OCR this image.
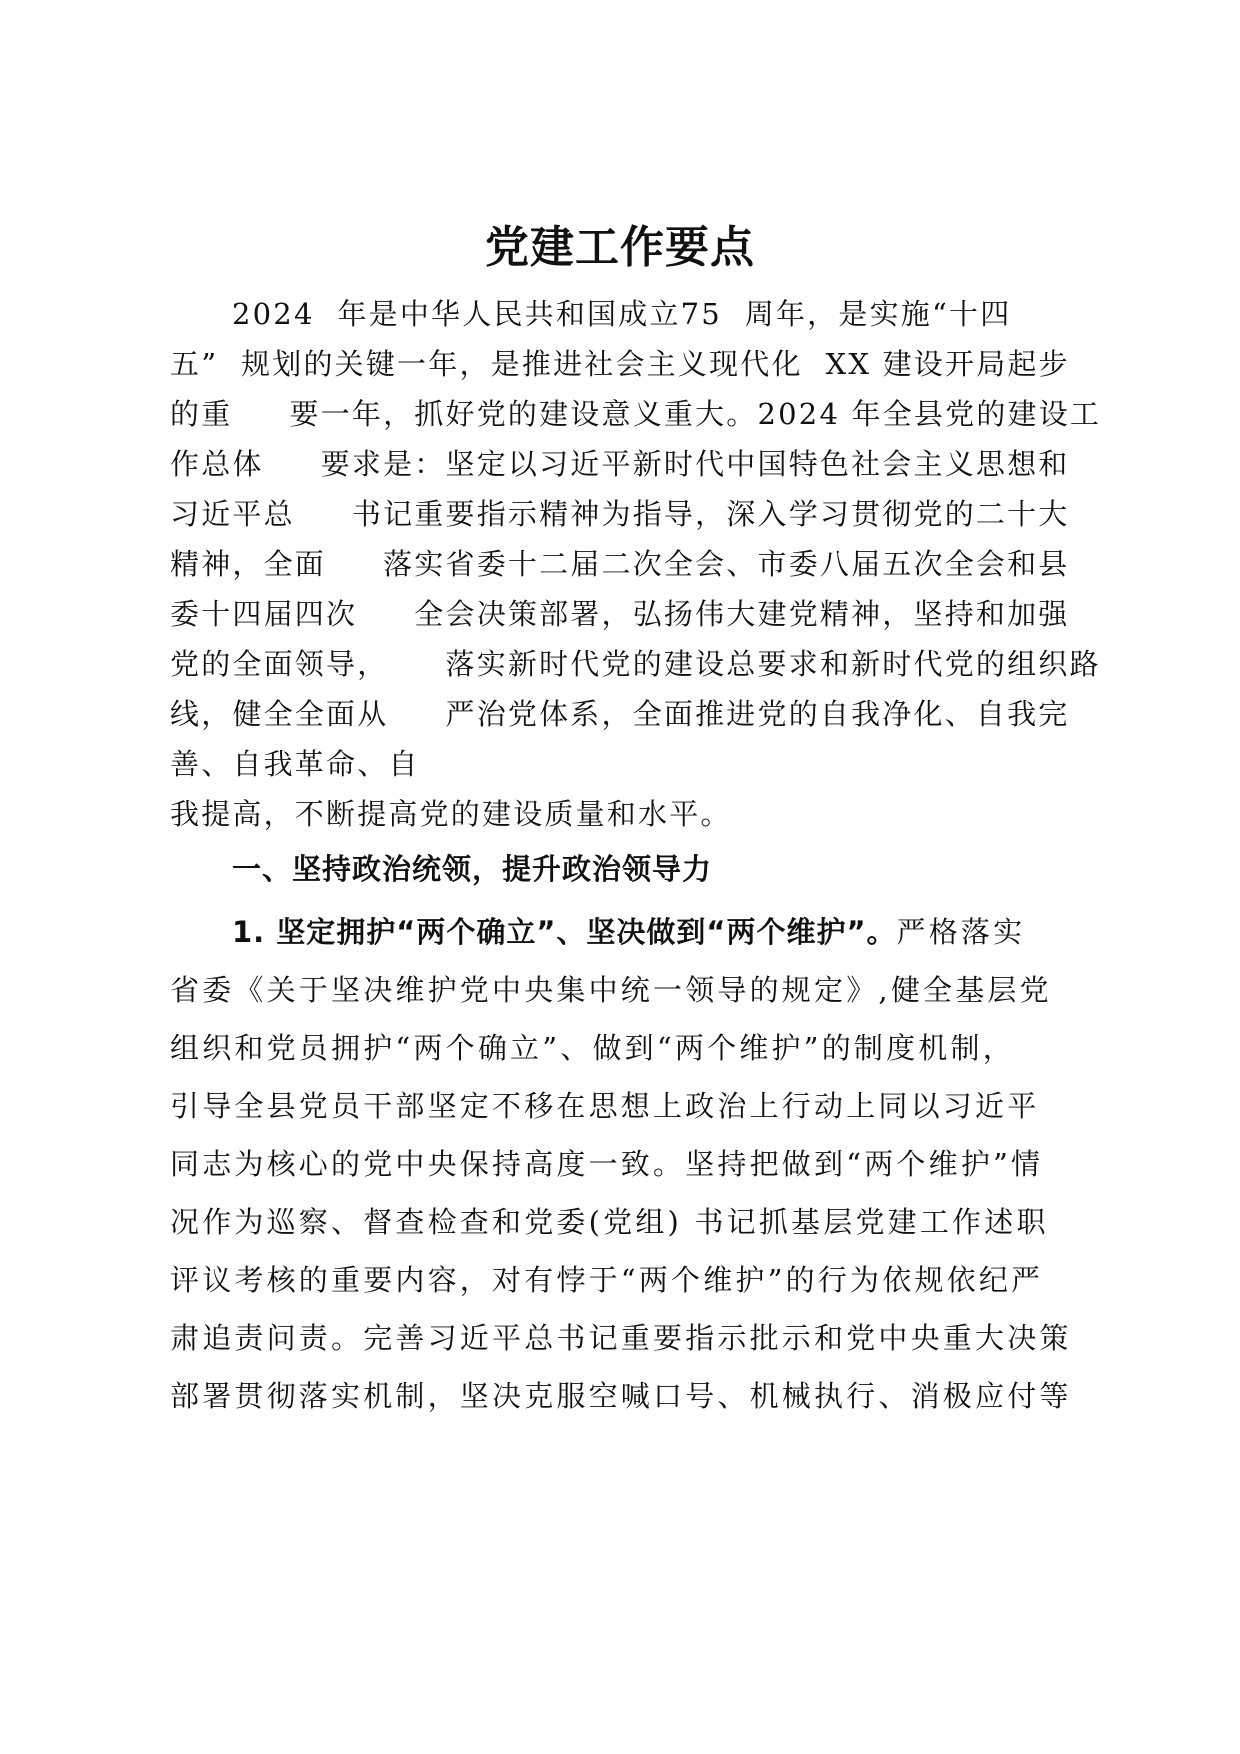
党建工作要点
2024  年是中华人民共和国成立75  周年，是实施“十四
五”  规划的关键一年，是推进社会主义现代化  XX 建设开局起步
的重     要一年，抓好党的建设意义重大。2024 年全县党的建设工
作总体     要求是：坚定以习近平新时代中国特色社会主义思想和
习近平总     书记重要指示精神为指导，深入学习贯彻党的二十大
精神，全面     落实省委十二届二次全会、市委八届五次全会和县
委十四届四次     全会决策部署，弘扬伟大建党精神，坚持和加强
党的全面领导，     落实新时代党的建设总要求和新时代党的组织路
线，健全全面从     严治党体系，全面推进党的自我净化、自我完
善、自我革命、自
我提高，不断提高党的建设质量和水平。
一、坚持政治统领，提升政治领导力
1. 坚定拥护“两个确立”、坚决做到“两个维护”。严格落实
省委《关于坚决维护党中央集中统一领导的规定》,健全基层党
组织和党员拥护“两个确立”、做到“两个维护”的制度机制，
引导全县党员干部坚定不移在思想上政治上行动上同以习近平
同志为核心的党中央保持高度一致。坚持把做到“两个维护”情
况作为巡察、督查检查和党委(党组) 书记抓基层党建工作述职
评议考核的重要内容，对有悖于“两个维护”的行为依规依纪严
肃追责问责。完善习近平总书记重要指示批示和党中央重大决策
部署贯彻落实机制，坚决克服空喊口号、机械执行、消极应付等
